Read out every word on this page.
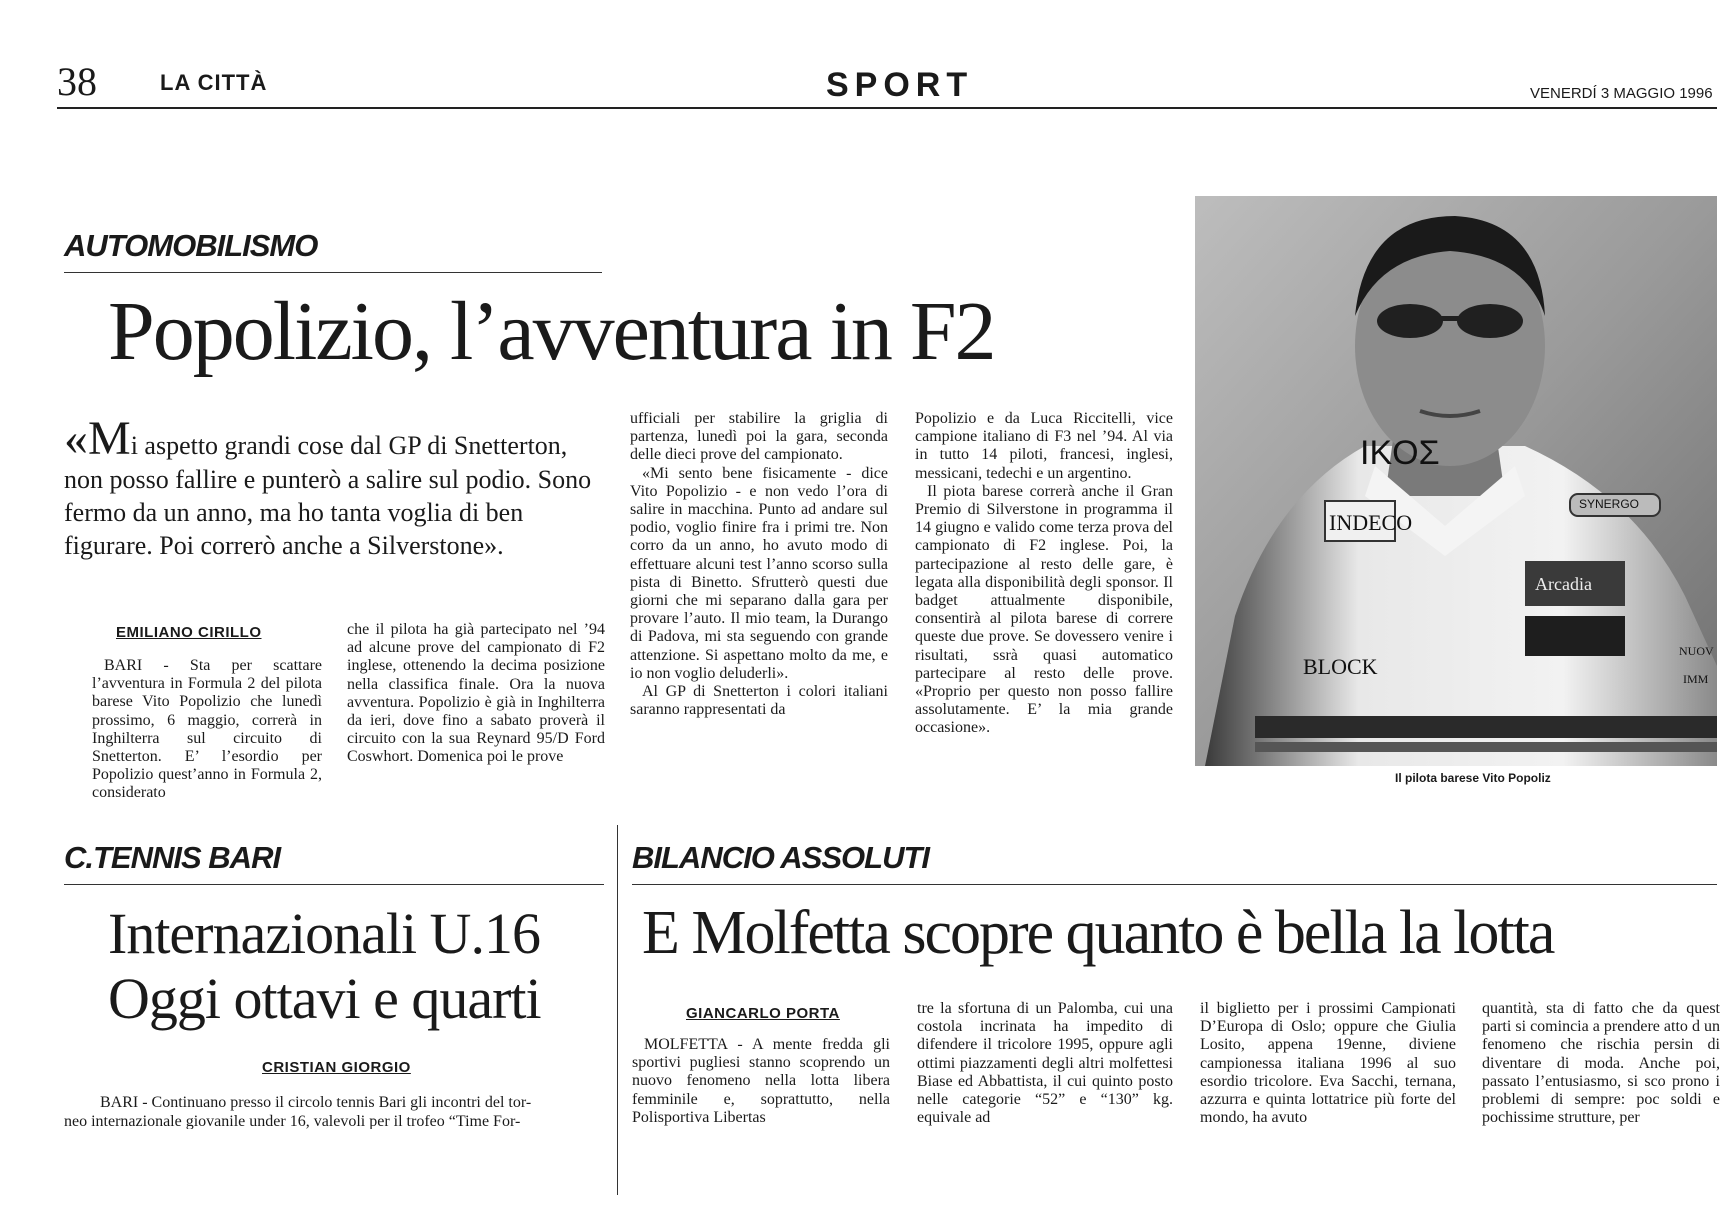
38	LA CITTÀ	SPORT	VENERDÍ 3 MAGGIO 1996
AUTOMOBILISMO
Popolizio, l’avventura in F2
«Mi aspetto grandi cose dal GP di Snetterton, non posso fallire e punterò a salire sul podio. Sono fermo da un anno, ma ho tanta voglia di ben figurare. Poi correrò anche a Silverstone».
EMILIANO CIRILLO

BARI - Sta per scattare l’avventura in Formula 2 del pilota barese Vito Popolizio che lunedì prossimo, 6 maggio, correrà in Inghilterra sul circuito di Snetterton. E’ l’esordio per Popolizio quest’anno in Formula 2, considerato

che il pilota ha già partecipato nel ’94 ad alcune prove del campionato di F2 inglese, ottenendo la decima posizione nella classifica finale. Ora la nuova avventura. Popolizio è già in Inghilterra da ieri, dove fino a sabato proverà il circuito con la sua Reynard 95/D Ford Coswhort. Domenica poi le prove

ufficiali per stabilire la griglia di partenza, lunedì poi la gara, seconda delle dieci prove del campionato.

«Mi sento bene fisicamente - dice Vito Popolizio - e non vedo l’ora di salire in macchina. Punto ad andare sul podio, voglio finire fra i primi tre. Non corro da un anno, ho avuto modo di effettuare alcuni test l’anno scorso sulla pista di Binetto. Sfrutterò questi due giorni che mi separano dalla gara per provare l’auto. Il mio team, la Durango di Padova, mi sta seguendo con grande attenzione. Si aspettano molto da me, e io non voglio deluderli».

Al GP di Snetterton i colori italiani saranno rappresentati da

Popolizio e da Luca Riccitelli, vice campione italiano di F3 nel ’94. Al via in tutto 14 piloti, francesi, inglesi, messicani, tedechi e un argentino.

Il piota barese correrà anche il Gran Premio di Silverstone in programma il 14 giugno e valido come terza prova del campionato di F2 inglese. Poi, la partecipazione al resto delle gare, è legata alla disponibilità degli sponsor. Il badget attualmente disponibile, consentirà al pilota barese di correre queste due prove. Se dovessero venire i risultati, ssrà quasi automatico partecipare al resto delle prove. «Proprio per questo non posso fallire assolutamente. E’ la mia grande occasione».

IKOΣ
INDECO
Arcadia
BLOCK
SYNERGO
NUOV
IMM
Il pilota barese Vito Popoliz
C.TENNIS BARI
Internazionali U.16
Oggi ottavi e quarti
CRISTIAN GIORGIO
BARI - Continuano presso il circolo tennis Bari gli incontri del tor-
neo internazionale giovanile under 16, valevoli per il trofeo “Time For-
BILANCIO ASSOLUTI
E Molfetta scopre quanto è bella la lotta
GIANCARLO PORTA

MOLFETTA - A mente fredda gli sportivi pugliesi stanno scoprendo un nuovo fenomeno nella lotta libera femminile e, soprattutto, nella Polisportiva Libertas

tre la sfortuna di un Palomba, cui una costola incrinata ha impedito di difendere il tricolore 1995, oppure agli ottimi piazzamenti degli altri molfettesi Biase ed Abbattista, il cui quinto posto nelle categorie “52” e “130” kg. equivale ad

il biglietto per i prossimi Campionati D’Europa di Oslo; oppure che Giulia Losito, appena 19enne, diviene campionessa italiana 1996 al suo esordio tricolore. Eva Sacchi, ternana, azzurra e quinta lottatrice più forte del mondo, ha avuto

quantità, sta di fatto che da quest parti si comincia a prendere atto d un fenomeno che rischia persin di diventare di moda. Anche poi, passato l’entusiasmo, si sco prono i problemi di sempre: poc soldi e pochissime strutture, per
